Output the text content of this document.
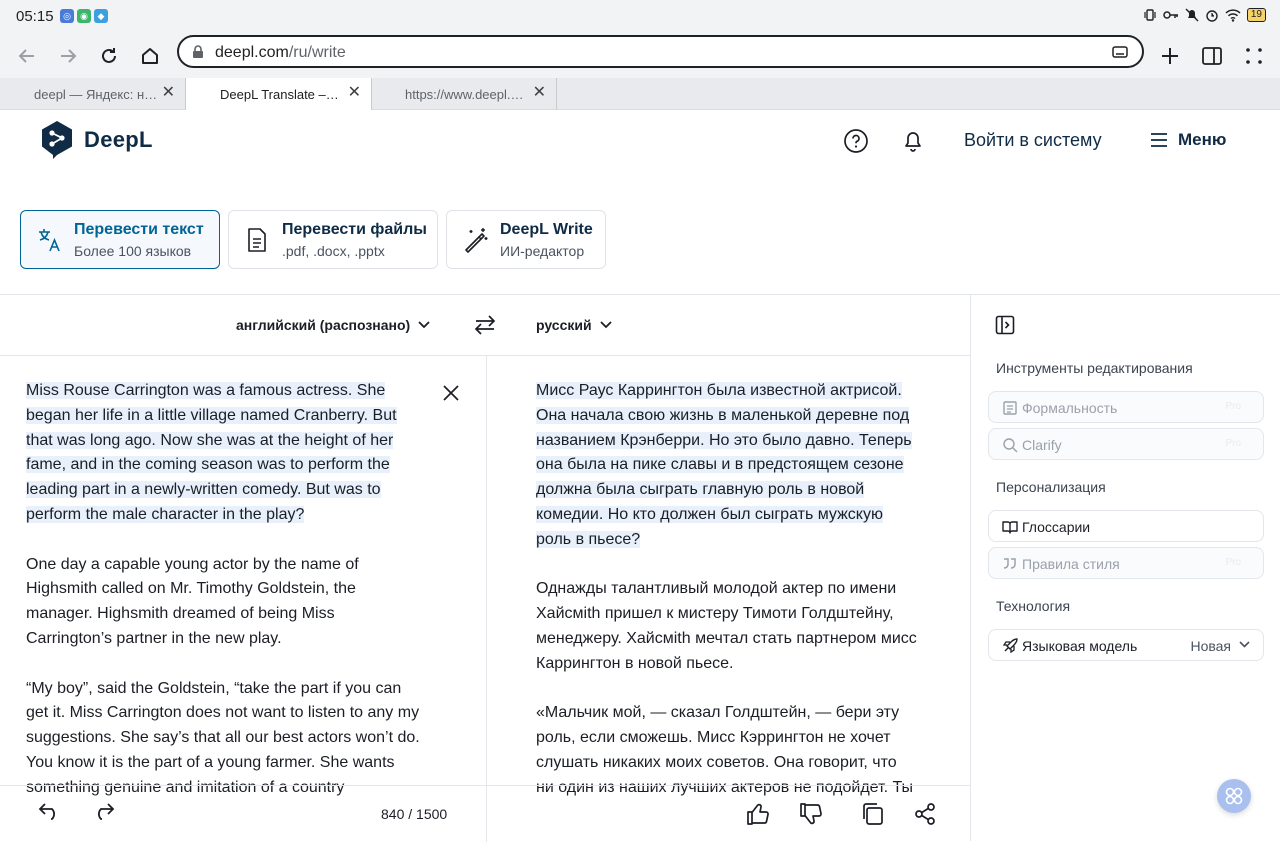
05:15	◎	◉	◆	19
deepl.com/ru/write
deepl — Яндекс: н… ✕	DeepL Translate –… ✕	https://www.deepl.… ✕
DeepL	Войти в систему	Меню
Перевести текст
Более 100 языков
Перевести файлы
.pdf, .docx, .pptx
DeepL Write
ИИ-редактор
английский (распознано)	русский
Miss Rouse Carrington was a famous actress. She
began her life in a little village named Cranberry. But
that was long ago. Now she was at the height of her
fame, and in the coming season was to perform the
leading part in a newly-written comedy. But was to
perform the male character in the play?
One day a capable young actor by the name of
Highsmith called on Mr. Timothy Goldstein, the
manager. Highsmith dreamed of being Miss
Carrington’s partner in the new play.
“My boy”, said the Goldstein, “take the part if you can
get it. Miss Carrington does not want to listen to any my
suggestions. She say’s that all our best actors won’t do.
You know it is the part of a young farmer. She wants
something genuine and imitation of a country
Мисс Раус Каррингтон была известной актрисой.
Она начала свою жизнь в маленькой деревне под
названием Крэнберри. Но это было давно. Теперь
она была на пике славы и в предстоящем сезоне
должна была сыграть главную роль в новой
комедии. Но кто должен был сыграть мужскую
роль в пьесе?
Однажды талантливый молодой актер по имени
Хайсмith пришел к мистеру Тимоти Голдштейну,
менеджеру. Хайсмith мечтал стать партнером мисс
Каррингтон в новой пьесе.
«Мальчик мой, — сказал Голдштейн, — бери эту
роль, если сможешь. Мисс Кэррингтон не хочет
слушать никаких моих советов. Она говорит, что
ни один из наших лучших актеров не подойдет. Ты
840 / 1500
Инструменты редактирования
Формальность	Pro
Clarify	Pro
Персонализация
Глоссарии
Правила стиля	Pro
Технология
Языковая модель	Новая
